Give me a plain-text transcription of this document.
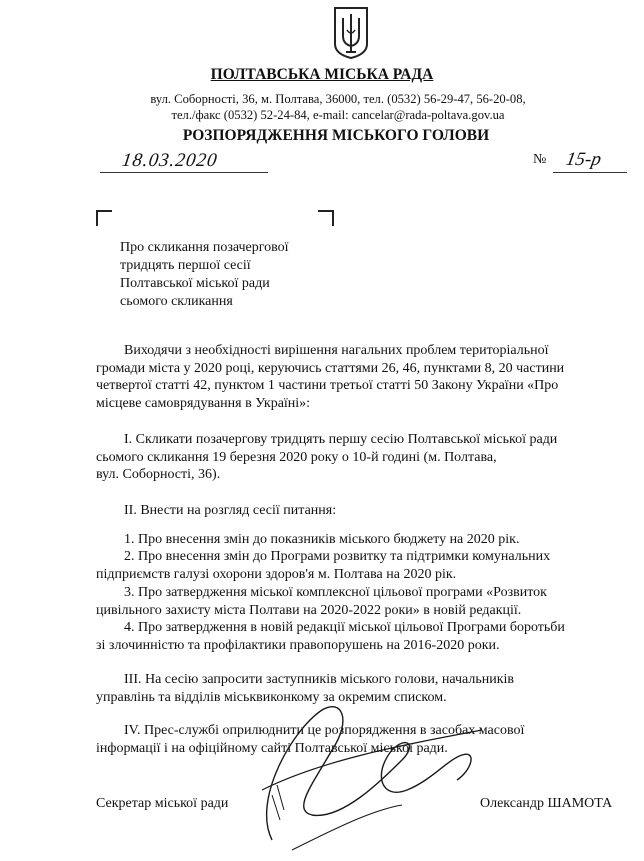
ПОЛТАВСЬКА МІСЬКА РАДА
вул. Соборності, 36, м. Полтава, 36000, тел. (0532) 56-29-47, 56-20-08,
тел./факс (0532) 52-24-84, e-mail: cancelar@rada-poltava.gov.ua
РОЗПОРЯДЖЕННЯ МІСЬКОГО ГОЛОВИ
18.03.2020	№ 15-р
Про скликання позачергової
тридцять першої сесії
Полтавської міської ради
сьомого скликання
Виходячи з необхідності вирішення нагальних проблем територіальної
громади міста у 2020 році, керуючись статтями 26, 46, пунктами 8, 20 частини
четвертої статті 42, пунктом 1 частини третьої статті 50 Закону України «Про
місцеве самоврядування в Україні»:
І. Скликати позачергову тридцять першу сесію Полтавської міської ради
сьомого скликання 19 березня 2020 року о 10-й годині (м. Полтава,
вул. Соборності, 36).
ІІ. Внести на розгляд сесії питання:
1. Про внесення змін до показників міського бюджету на 2020 рік.
2. Про внесення змін до Програми розвитку та підтримки комунальних
підприємств галузі охорони здоров'я м. Полтава на 2020 рік.
3. Про затвердження міської комплексної цільової програми «Розвиток
цивільного захисту міста Полтави на 2020-2022 роки» в новій редакції.
4. Про затвердження в новій редакції міської цільової Програми боротьби
зі злочинністю та профілактики правопорушень на 2016-2020 роки.
ІІІ. На сесію запросити заступників міського голови, начальників
управлінь та відділів міськвиконкому за окремим списком.
IV. Прес-службі оприлюднити це розпорядження в засобах масової
інформації і на офіційному сайті Полтавської міської ради.
Секретар міської ради	Олександр ШАМОТА
